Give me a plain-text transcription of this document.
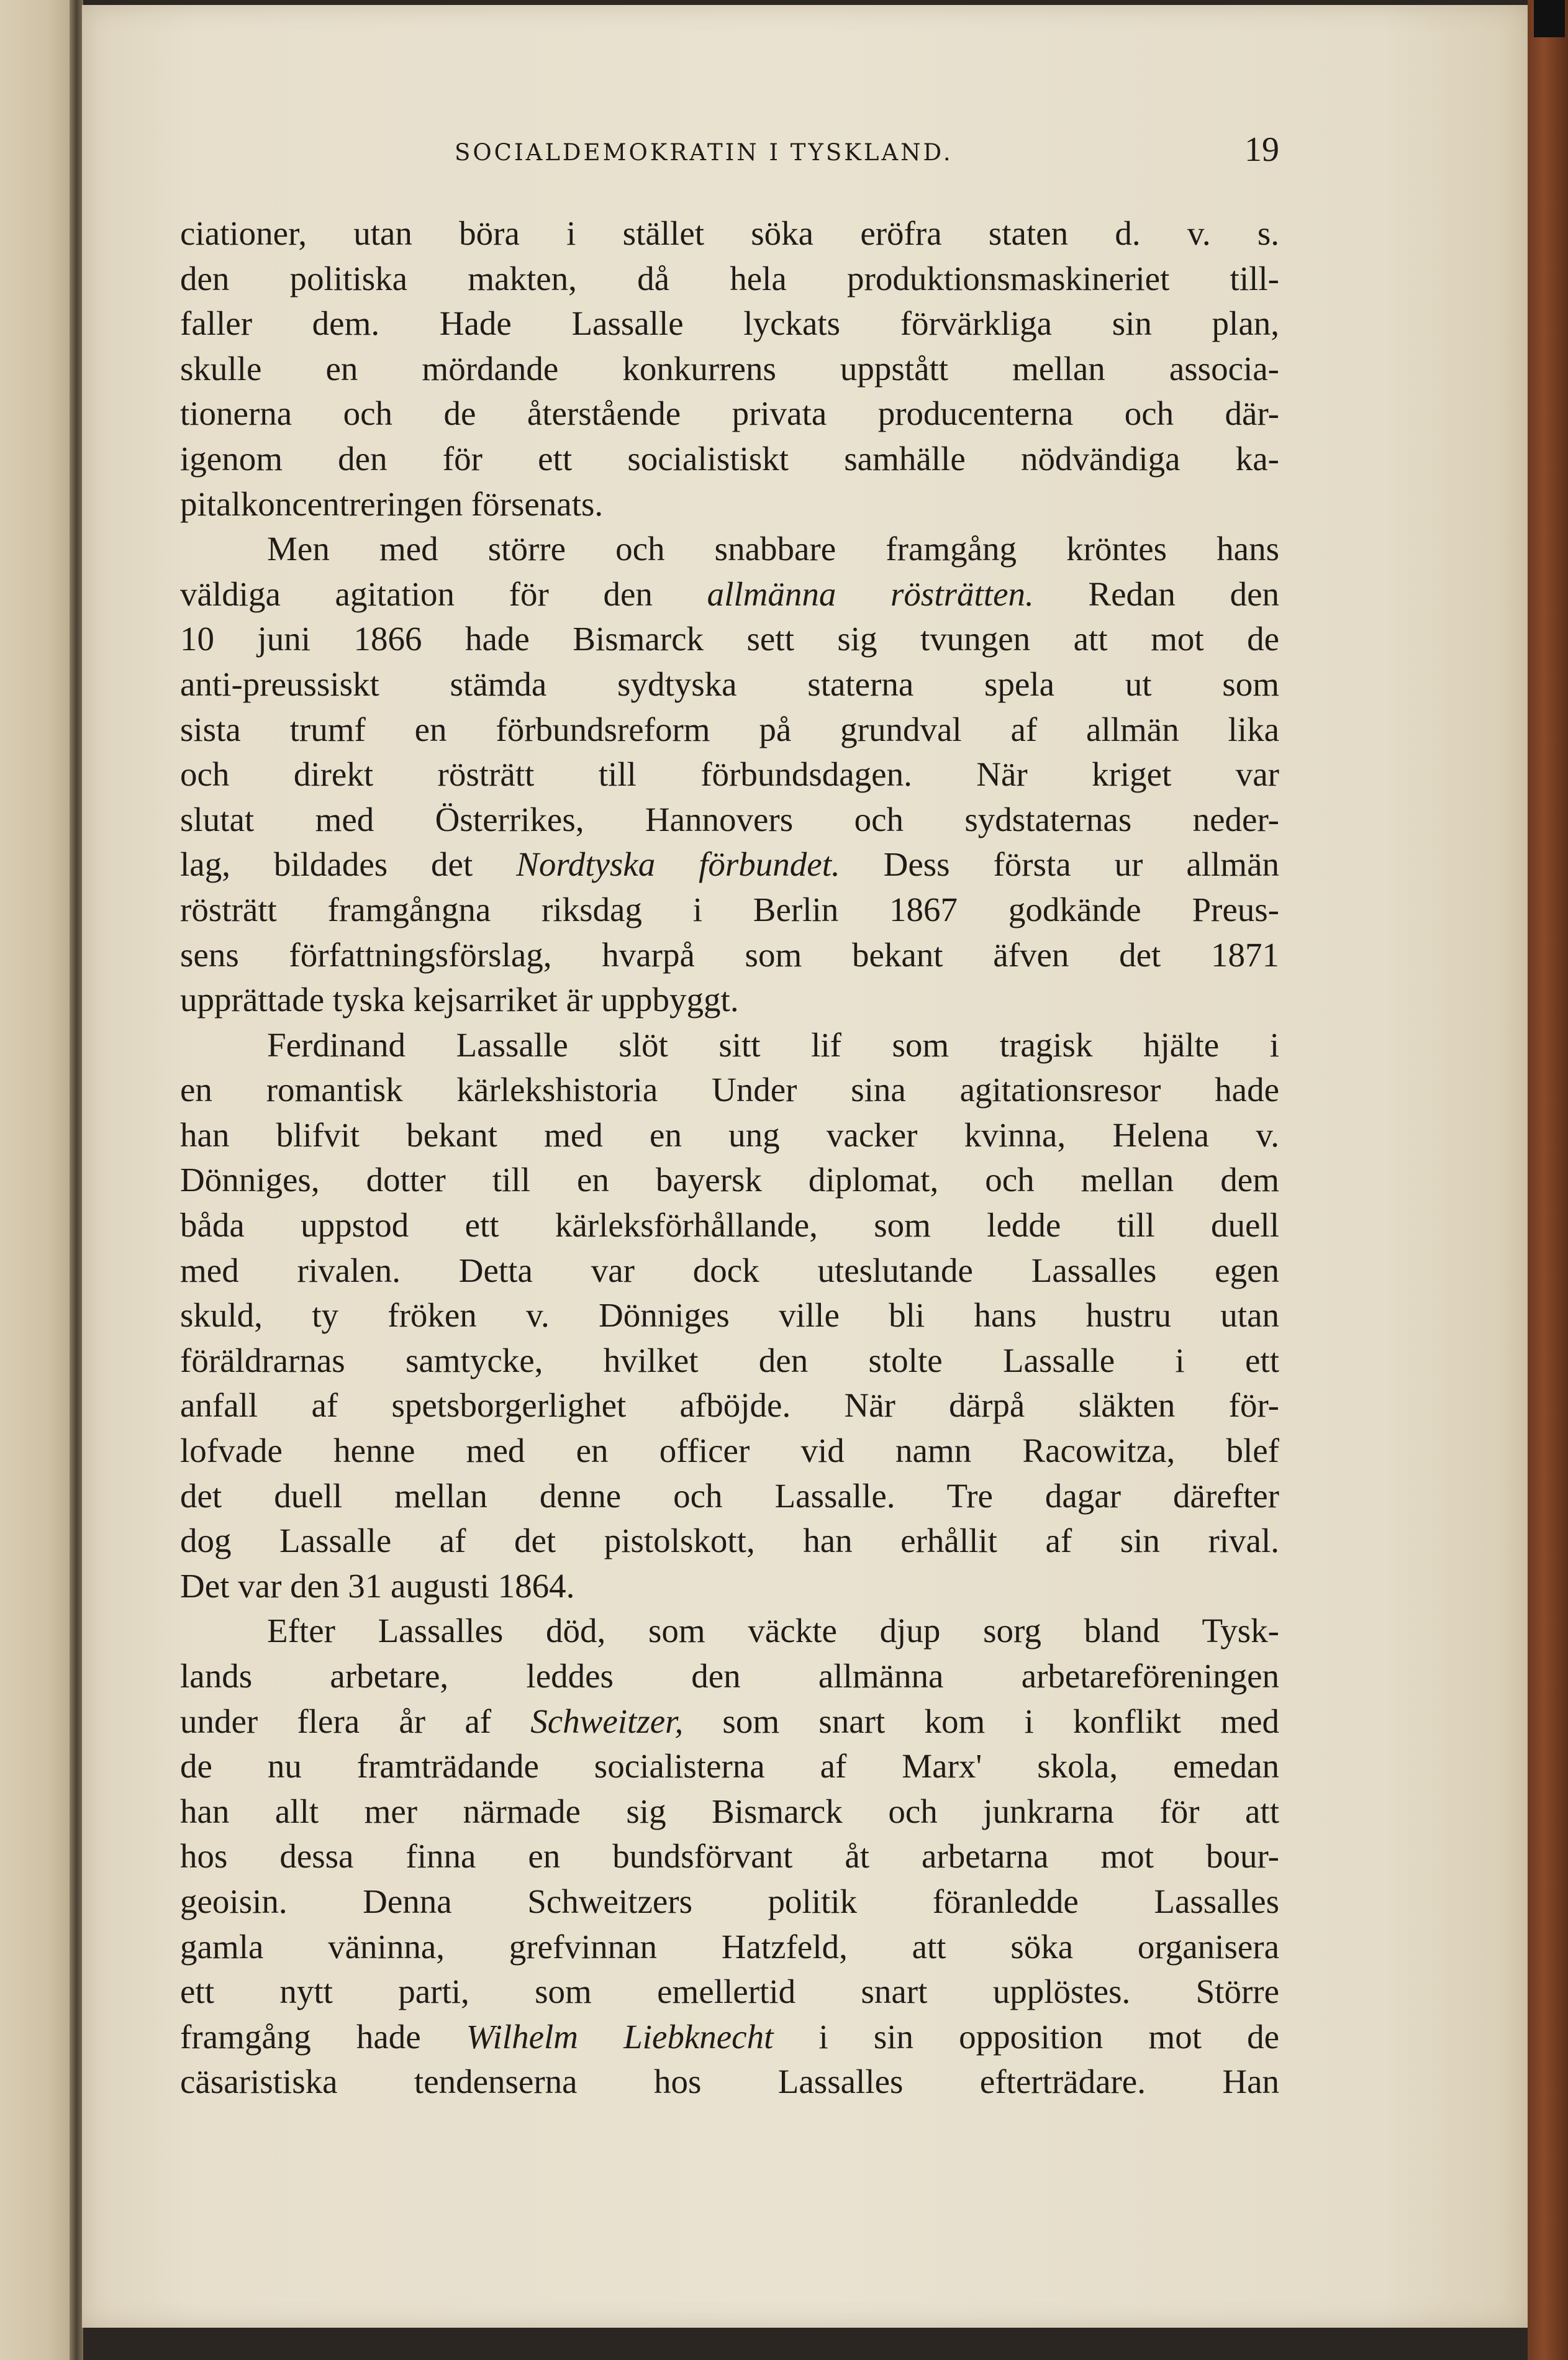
SOCIALDEMOKRATIN I TYSKLAND.	19
ciationer, utan böra i stället söka eröfra staten d. v. s.
den politiska makten, då hela produktionsmaskineriet till-
faller dem. Hade Lassalle lyckats förvärkliga sin plan,
skulle en mördande konkurrens uppstått mellan associa-
tionerna och de återstående privata producenterna och där-
igenom den för ett socialistiskt samhälle nödvändiga ka-
pitalkoncentreringen försenats.
Men med större och snabbare framgång kröntes hans
väldiga agitation för den allmänna rösträtten. Redan den
10 juni 1866 hade Bismarck sett sig tvungen att mot de
anti-preussiskt stämda sydtyska staterna spela ut som
sista trumf en förbundsreform på grundval af allmän lika
och direkt rösträtt till förbundsdagen. När kriget var
slutat med Österrikes, Hannovers och sydstaternas neder-
lag, bildades det Nordtyska förbundet. Dess första ur allmän
rösträtt framgångna riksdag i Berlin 1867 godkände Preus-
sens författningsförslag, hvarpå som bekant äfven det 1871
upprättade tyska kejsarriket är uppbyggt.
Ferdinand Lassalle slöt sitt lif som tragisk hjälte i
en romantisk kärlekshistoria Under sina agitationsresor hade
han blifvit bekant med en ung vacker kvinna, Helena v.
Dönniges, dotter till en bayersk diplomat, och mellan dem
båda uppstod ett kärleksförhållande, som ledde till duell
med rivalen. Detta var dock uteslutande Lassalles egen
skuld, ty fröken v. Dönniges ville bli hans hustru utan
föräldrarnas samtycke, hvilket den stolte Lassalle i ett
anfall af spetsborgerlighet afböjde. När därpå släkten för-
lofvade henne med en officer vid namn Racowitza, blef
det duell mellan denne och Lassalle. Tre dagar därefter
dog Lassalle af det pistolskott, han erhållit af sin rival.
Det var den 31 augusti 1864.
Efter Lassalles död, som väckte djup sorg bland Tysk-
lands arbetare, leddes den allmänna arbetareföreningen
under flera år af Schweitzer, som snart kom i konflikt med
de nu framträdande socialisterna af Marx' skola, emedan
han allt mer närmade sig Bismarck och junkrarna för att
hos dessa finna en bundsförvant åt arbetarna mot bour-
geoisin. Denna Schweitzers politik föranledde Lassalles
gamla väninna, grefvinnan Hatzfeld, att söka organisera
ett nytt parti, som emellertid snart upplöstes. Större
framgång hade Wilhelm Liebknecht i sin opposition mot de
cäsaristiska tendenserna hos Lassalles efterträdare. Han
